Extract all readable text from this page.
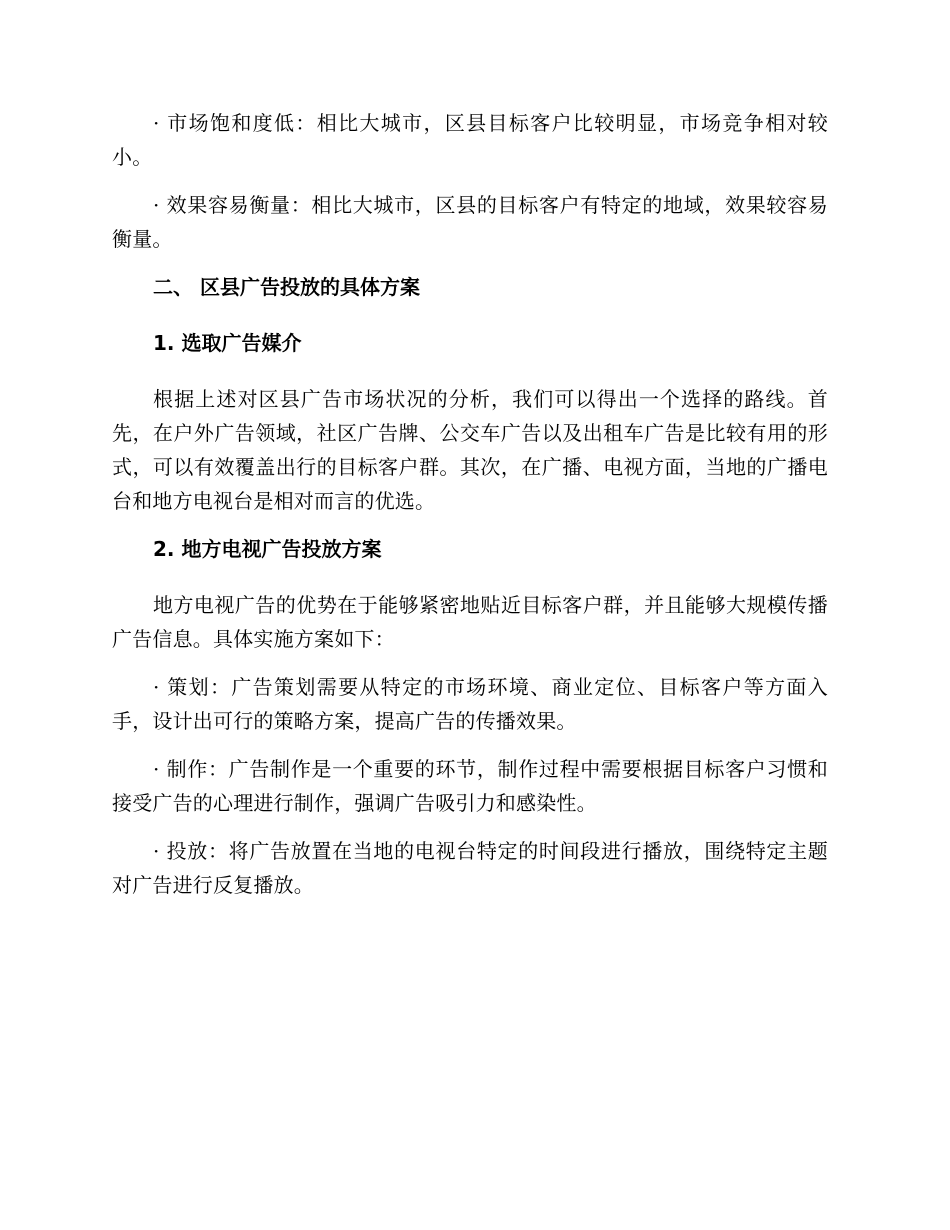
· 市场饱和度低：相比大城市，区县目标客户比较明显，市场竞争相对较小。

· 效果容易衡量：相比大城市，区县的目标客户有特定的地域，效果较容易衡量。

二、 区县广告投放的具体方案
1. 选取广告媒介

根据上述对区县广告市场状况的分析，我们可以得出一个选择的路线。首先，在户外广告领域，社区广告牌、公交车广告以及出租车广告是比较有用的形式，可以有效覆盖出行的目标客户群。其次，在广播、电视方面，当地的广播电台和地方电视台是相对而言的优选。

2. 地方电视广告投放方案

地方电视广告的优势在于能够紧密地贴近目标客户群，并且能够大规模传播广告信息。具体实施方案如下：

· 策划：广告策划需要从特定的市场环境、商业定位、目标客户等方面入手，设计出可行的策略方案，提高广告的传播效果。

· 制作：广告制作是一个重要的环节，制作过程中需要根据目标客户习惯和接受广告的心理进行制作，强调广告吸引力和感染性。

· 投放：将广告放置在当地的电视台特定的时间段进行播放，围绕特定主题对广告进行反复播放。
